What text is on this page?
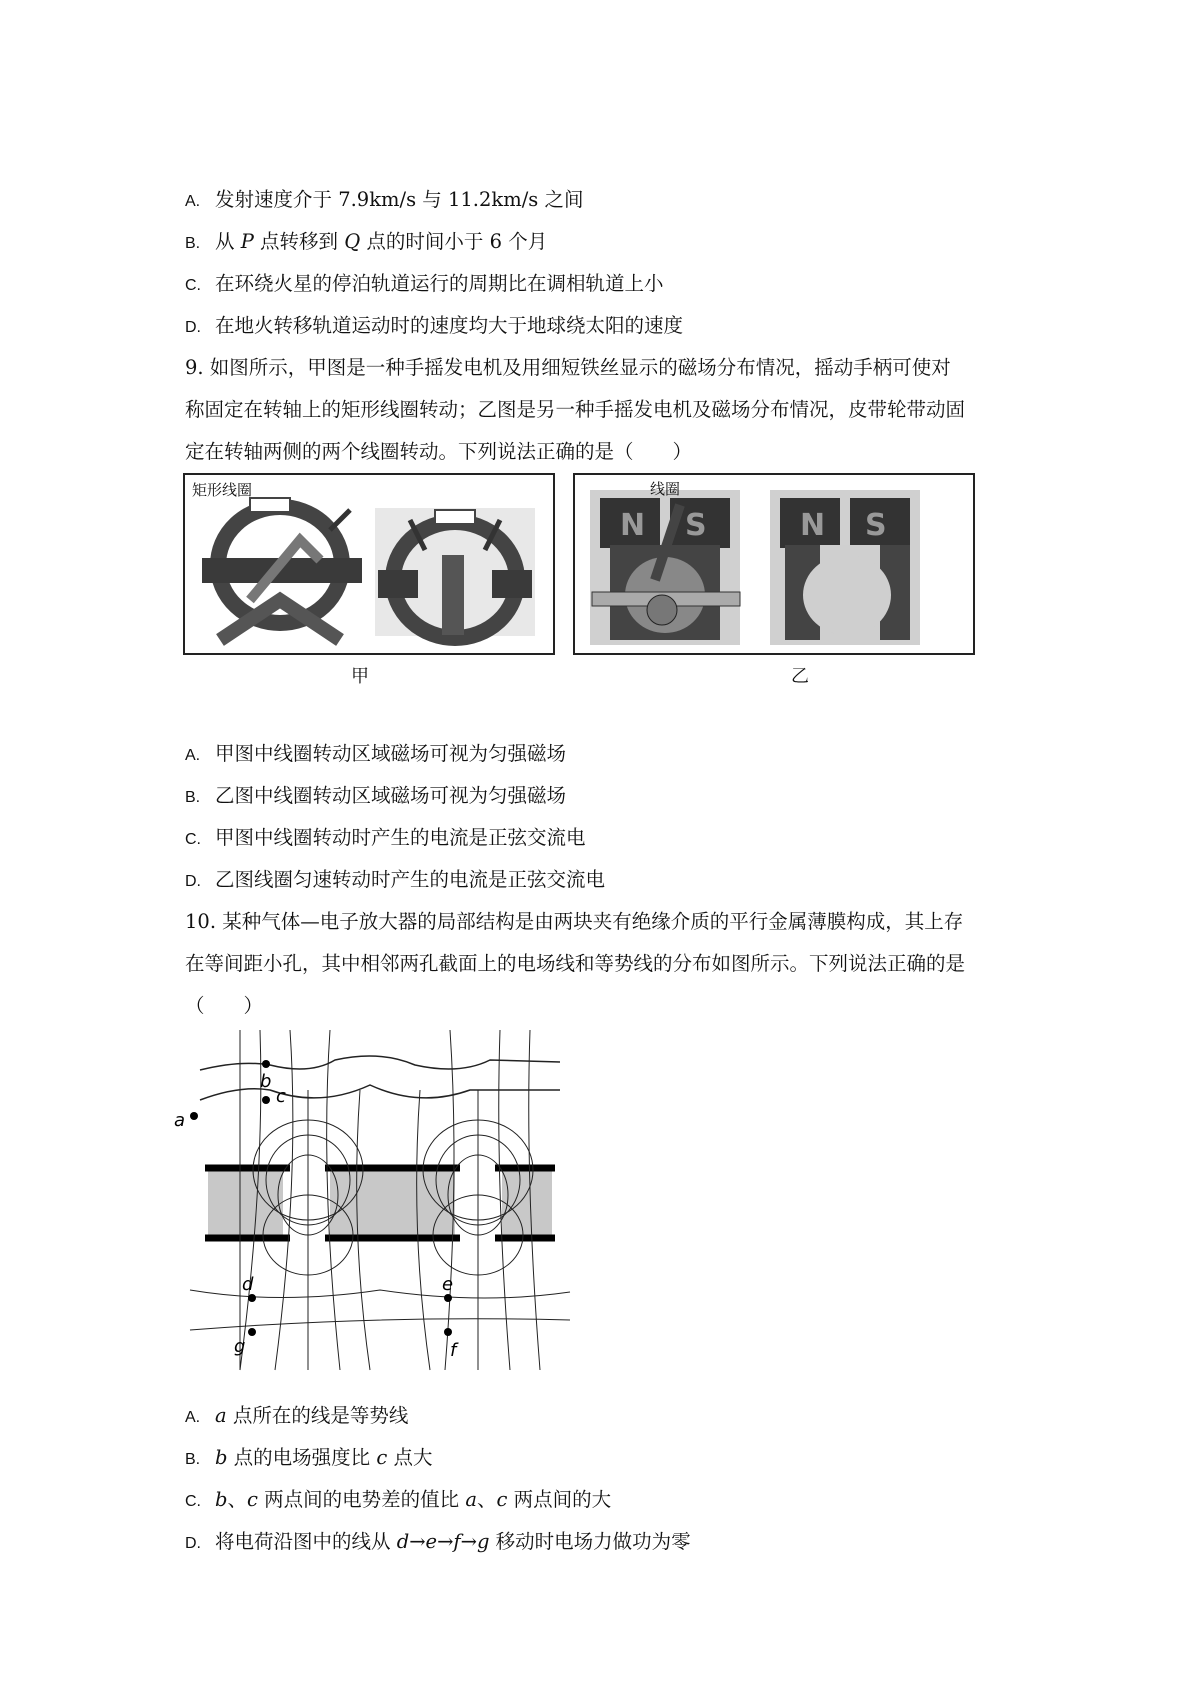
A. 发射速度介于 7.9km/s 与 11.2km/s 之间
B. 从 P 点转移到 Q 点的时间小于 6 个月
C. 在环绕火星的停泊轨道运行的周期比在调相轨道上小
D. 在地火转移轨道运动时的速度均大于地球绕太阳的速度
9. 如图所示，甲图是一种手摇发电机及用细短铁丝显示的磁场分布情况，摇动手柄可使对
称固定在转轴上的矩形线圈转动；乙图是另一种手摇发电机及磁场分布情况，皮带轮带动固
定在转轴两侧的两个线圈转动。下列说法正确的是（　　）
矩形线圈
N S
线圈
N S
甲	乙
A. 甲图中线圈转动区域磁场可视为匀强磁场
B. 乙图中线圈转动区域磁场可视为匀强磁场
C. 甲图中线圈转动时产生的电流是正弦交流电
D. 乙图线圈匀速转动时产生的电流是正弦交流电
10. 某种气体—电子放大器的局部结构是由两块夹有绝缘介质的平行金属薄膜构成，其上存
在等间距小孔，其中相邻两孔截面上的电场线和等势线的分布如图所示。下列说法正确的是
（　　）
a
b
c
d	e
f
g
A. a 点所在的线是等势线
B. b 点的电场强度比 c 点大
C. b、c 两点间的电势差的值比 a、c 两点间的大
D. 将电荷沿图中的线从 d→e→f→g 移动时电场力做功为零
